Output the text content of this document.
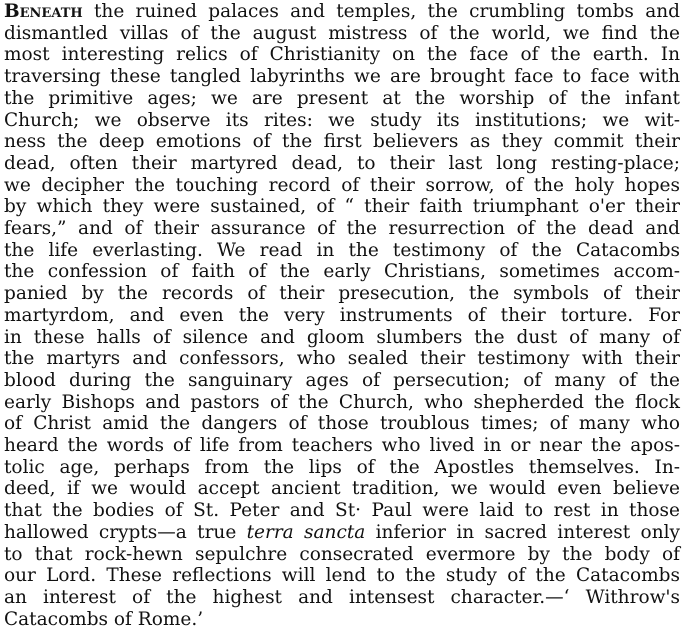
Beneath the ruined palaces and temples, the crumbling tombs and
dismantled villas of the august mistress of the world, we find the
most interesting relics of Christianity on the face of the earth. In
traversing these tangled labyrinths we are brought face to face with
the primitive ages; we are present at the worship of the infant
Church; we observe its rites: we study its institutions; we wit-
ness the deep emotions of the first believers as they commit their
dead, often their martyred dead, to their last long resting-place;
we decipher the touching record of their sorrow, of the holy hopes
by which they were sustained, of “ their faith triumphant o'er their
fears,” and of their assurance of the resurrection of the dead and
the life everlasting. We read in the testimony of the Catacombs
the confession of faith of the early Christians, sometimes accom-
panied by the records of their presecution, the symbols of their
martyrdom, and even the very instruments of their torture. For
in these halls of silence and gloom slumbers the dust of many of
the martyrs and confessors, who sealed their testimony with their
blood during the sanguinary ages of persecution; of many of the
early Bishops and pastors of the Church, who shepherded the flock
of Christ amid the dangers of those troublous times; of many who
heard the words of life from teachers who lived in or near the apos-
tolic age, perhaps from the lips of the Apostles themselves. In-
deed, if we would accept ancient tradition, we would even believe
that the bodies of St. Peter and St· Paul were laid to rest in those
hallowed crypts—a true terra sancta inferior in sacred interest only
to that rock-hewn sepulchre consecrated evermore by the body of
our Lord. These reflections will lend to the study of the Catacombs
an interest of the highest and intensest character.—‘ Withrow's
Catacombs of Rome.’
